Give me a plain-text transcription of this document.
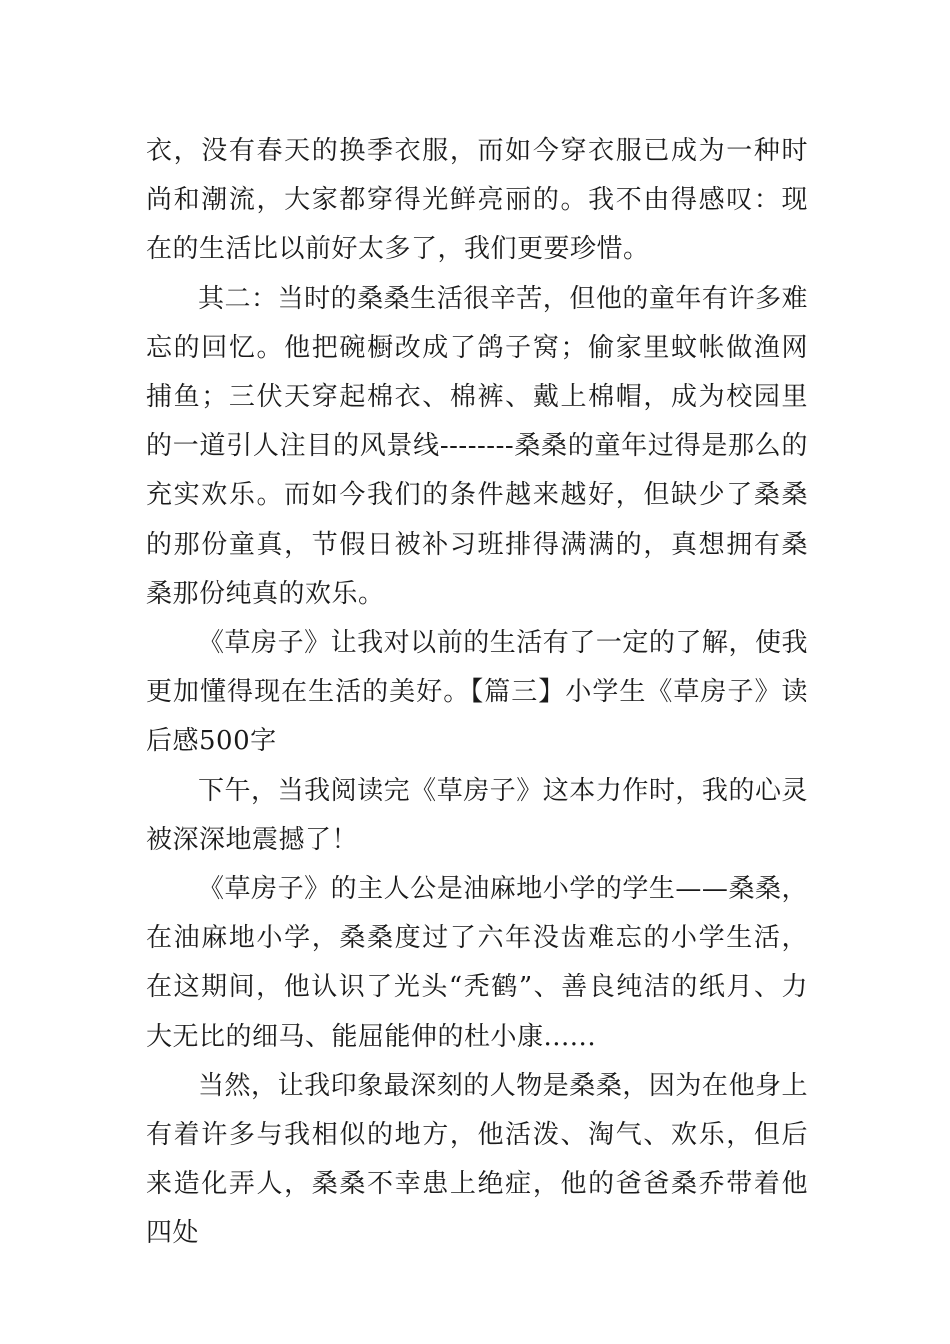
衣，没有春天的换季衣服，而如今穿衣服已成为一种时尚和潮流，大家都穿得光鲜亮丽的。我不由得感叹：现在的生活比以前好太多了，我们更要珍惜。

其二：当时的桑桑生活很辛苦，但他的童年有许多难忘的回忆。他把碗橱改成了鸽子窝；偷家里蚊帐做渔网捕鱼；三伏天穿起棉衣、棉裤、戴上棉帽，成为校园里的一道引人注目的风景线--------桑桑的童年过得是那么的充实欢乐。而如今我们的条件越来越好，但缺少了桑桑的那份童真，节假日被补习班排得满满的，真想拥有桑桑那份纯真的欢乐。

《草房子》让我对以前的生活有了一定的了解，使我更加懂得现在生活的美好。【篇三】小学生《草房子》读后感500字

下午，当我阅读完《草房子》这本力作时，我的心灵被深深地震撼了！

《草房子》的主人公是油麻地小学的学生——桑桑，在油麻地小学，桑桑度过了六年没齿难忘的小学生活，在这期间，他认识了光头“秃鹤”、善良纯洁的纸月、力大无比的细马、能屈能伸的杜小康......

当然，让我印象最深刻的人物是桑桑，因为在他身上有着许多与我相似的地方，他活泼、淘气、欢乐，但后来造化弄人，桑桑不幸患上绝症，他的爸爸桑乔带着他四处
